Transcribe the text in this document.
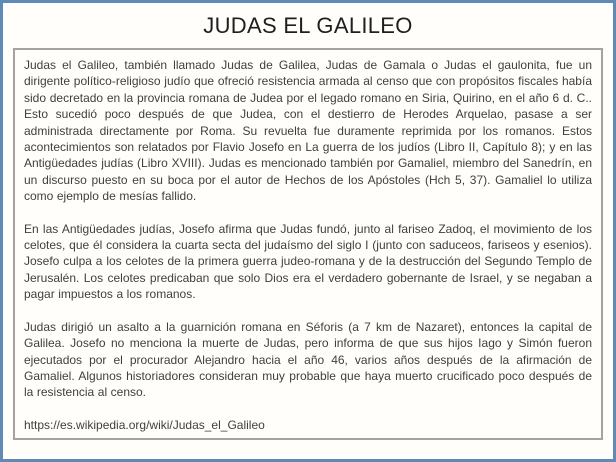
JUDAS EL GALILEO

Judas el Galileo, también llamado Judas de Galilea, Judas de Gamala o Judas el gaulonita, fue un dirigente político-religioso judío que ofreció resistencia armada al censo que con propósitos fiscales había sido decretado en la provincia romana de Judea por el legado romano en Siria, Quirino, en el año 6 d. C.. Esto sucedió poco después de que Judea, con el destierro de Herodes Arquelao, pasase a ser administrada directamente por Roma. Su revuelta fue duramente reprimida por los romanos. Estos acontecimientos son relatados por Flavio Josefo en La guerra de los judíos (Libro II, Capítulo 8); y en las Antigüedades judías (Libro XVIII). Judas es mencionado también por Gamaliel, miembro del Sanedrín, en un discurso puesto en su boca por el autor de Hechos de los Apóstoles (Hch 5, 37). Gamaliel lo utiliza como ejemplo de mesías fallido.

En las Antigüedades judías, Josefo afirma que Judas fundó, junto al fariseo Zadoq, el movimiento de los celotes, que él considera la cuarta secta del judaísmo del siglo I (junto con saduceos, fariseos y esenios). Josefo culpa a los celotes de la primera guerra judeo-romana y de la destrucción del Segundo Templo de Jerusalén. Los celotes predicaban que solo Dios era el verdadero gobernante de Israel, y se negaban a pagar impuestos a los romanos.

Judas dirigió un asalto a la guarnición romana en Séforis (a 7 km de Nazaret), entonces la capital de Galilea. Josefo no menciona la muerte de Judas, pero informa de que sus hijos Iago y Simón fueron ejecutados por el procurador Alejandro hacia el año 46, varios años después de la afirmación de Gamaliel. Algunos historiadores consideran muy probable que haya muerto crucificado poco después de la resistencia al censo.

https://es.wikipedia.org/wiki/Judas_el_Galileo
